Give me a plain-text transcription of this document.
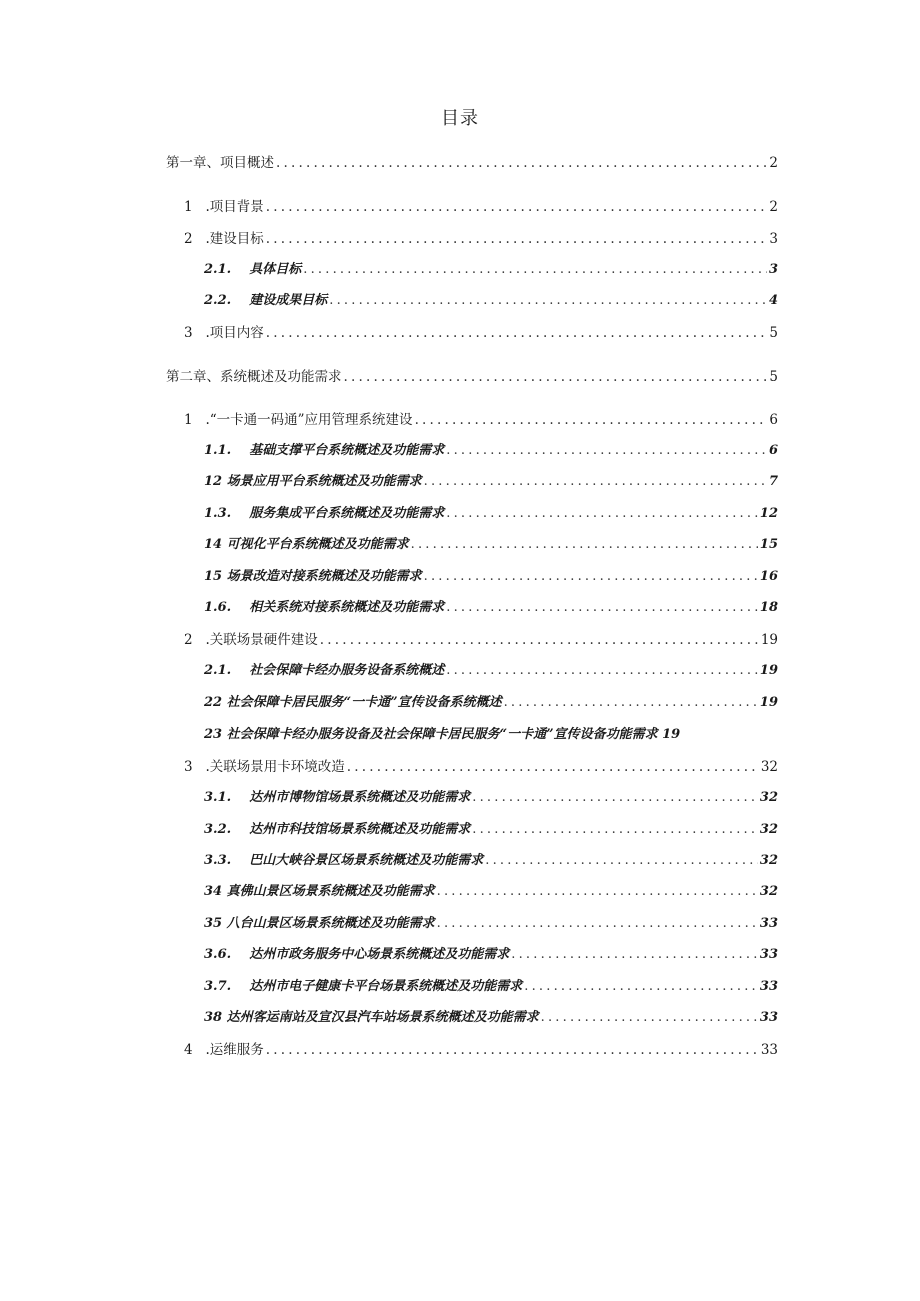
目录
第一章、项目概述 .....	2
1   .项目背景 .....	2
2   .建设目标 .....	3
2.1.    具体目标 .....	3
2.2.    建设成果目标 .....	4
3   .项目内容 .....	5
第二章、系统概述及功能需求 .....	5
1   .“一卡通一码通”应用管理系统建设 .....	6
1.1.    基础支撑平台系统概述及功能需求 .....	6
12 场景应用平台系统概述及功能需求 .....	7
1.3.    服务集成平台系统概述及功能需求 .....	12
14 可视化平台系统概述及功能需求 .....	15
15 场景改造对接系统概述及功能需求 .....	16
1.6.    相关系统对接系统概述及功能需求 .....	18
2   .关联场景硬件建设 .....	19
2.1.    社会保障卡经办服务设备系统概述 .....	19
22 社会保障卡居民服务“一卡通”宣传设备系统概述 .....	19
23 社会保障卡经办服务设备及社会保障卡居民服务“一卡通”宣传设备功能需求 19
3   .关联场景用卡环境改造 .....	32
3.1.    达州市博物馆场景系统概述及功能需求 .....	32
3.2.    达州市科技馆场景系统概述及功能需求 .....	32
3.3.    巴山大峡谷景区场景系统概述及功能需求 .....	32
34 真佛山景区场景系统概述及功能需求 .....	32
35 八台山景区场景系统概述及功能需求 .....	33
3.6.    达州市政务服务中心场景系统概述及功能需求 .....	33
3.7.    达州市电子健康卡平台场景系统概述及功能需求 .....	33
38 达州客运南站及宣汉县汽车站场景系统概述及功能需求 .....	33
4   .运维服务 .....	33
